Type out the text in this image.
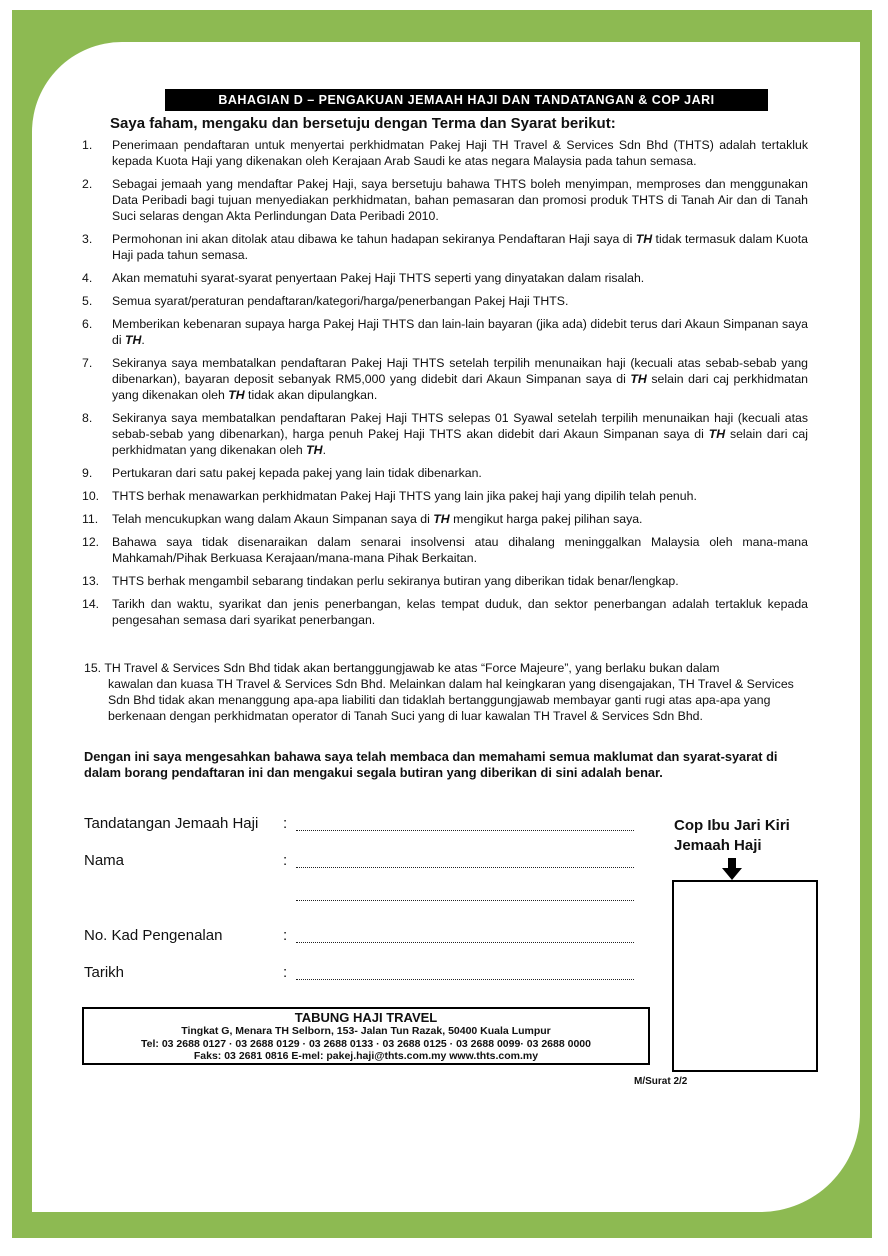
BAHAGIAN D – PENGAKUAN JEMAAH HAJI DAN TANDATANGAN & COP JARI
Saya faham, mengaku dan bersetuju dengan Terma dan Syarat berikut:
1.	Penerimaan pendaftaran untuk menyertai perkhidmatan Pakej Haji TH Travel & Services Sdn Bhd (THTS) adalah tertakluk kepada Kuota Haji yang dikenakan oleh Kerajaan Arab Saudi ke atas negara Malaysia pada tahun semasa.
2.	Sebagai jemaah yang mendaftar Pakej Haji, saya bersetuju bahawa THTS boleh menyimpan, memproses dan menggunakan Data Peribadi bagi tujuan menyediakan perkhidmatan, bahan pemasaran dan promosi produk THTS di Tanah Air dan di Tanah Suci selaras dengan Akta Perlindungan Data Peribadi 2010.
3.	Permohonan ini akan ditolak atau dibawa ke tahun hadapan sekiranya Pendaftaran Haji saya di TH tidak termasuk dalam Kuota Haji pada tahun semasa.
4.	Akan mematuhi syarat-syarat penyertaan Pakej Haji THTS seperti yang dinyatakan dalam risalah.
5.	Semua syarat/peraturan pendaftaran/kategori/harga/penerbangan Pakej Haji THTS.
6.	Memberikan kebenaran supaya harga Pakej Haji THTS dan lain-lain bayaran (jika ada) didebit terus dari Akaun Simpanan saya di TH.
7.	Sekiranya saya membatalkan pendaftaran Pakej Haji THTS setelah terpilih menunaikan haji (kecuali atas sebab-sebab yang dibenarkan), bayaran deposit sebanyak RM5,000 yang didebit dari Akaun Simpanan saya di TH selain dari caj perkhidmatan yang dikenakan oleh TH tidak akan dipulangkan.
8.	Sekiranya saya membatalkan pendaftaran Pakej Haji THTS selepas 01 Syawal setelah terpilih menunaikan haji (kecuali atas sebab-sebab yang dibenarkan), harga penuh Pakej Haji THTS akan didebit dari Akaun Simpanan saya di TH selain dari caj perkhidmatan yang dikenakan oleh TH.
9.	Pertukaran dari satu pakej kepada pakej yang lain tidak dibenarkan.
10.	THTS berhak menawarkan perkhidmatan Pakej Haji THTS yang lain jika pakej haji yang dipilih telah penuh.
11.	Telah mencukupkan wang dalam Akaun Simpanan saya di TH mengikut harga pakej pilihan saya.
12.	Bahawa saya tidak disenaraikan dalam senarai insolvensi atau dihalang meninggalkan Malaysia oleh mana-mana Mahkamah/Pihak Berkuasa Kerajaan/mana-mana Pihak Berkaitan.
13.	THTS berhak mengambil sebarang tindakan perlu sekiranya butiran yang diberikan tidak benar/lengkap.
14.	Tarikh dan waktu, syarikat dan jenis penerbangan, kelas tempat duduk, dan sektor penerbangan adalah tertakluk kepada pengesahan semasa dari syarikat penerbangan.
15. TH Travel & Services Sdn Bhd tidak akan bertanggungjawab ke atas “Force Majeure”, yang berlaku bukan dalam
kawalan dan kuasa TH Travel & Services Sdn Bhd. Melainkan dalam hal keingkaran yang disengajakan, TH Travel & Services Sdn Bhd tidak akan menanggung apa-apa liabiliti dan tidaklah bertanggungjawab membayar ganti rugi atas apa-apa yang berkenaan dengan perkhidmatan operator di Tanah Suci yang di luar kawalan TH Travel & Services Sdn Bhd.
Dengan ini saya mengesahkan bahawa saya telah membaca dan memahami semua maklumat dan syarat-syarat di dalam borang pendaftaran ini dan mengakui segala butiran yang diberikan di sini adalah benar.
Tandatangan Jemaah Haji :
Nama	:
No. Kad Pengenalan	:
Tarikh	:
Cop Ibu Jari Kiri
Jemaah Haji
TABUNG HAJI TRAVEL
Tingkat G, Menara TH Selborn, 153- Jalan Tun Razak, 50400 Kuala Lumpur
Tel: 03 2688 0127 · 03 2688 0129 · 03 2688 0133 · 03 2688 0125 · 03 2688 0099· 03 2688 0000
Faks: 03 2681 0816 E-mel: pakej.haji@thts.com.my www.thts.com.my
M/Surat 2/2
